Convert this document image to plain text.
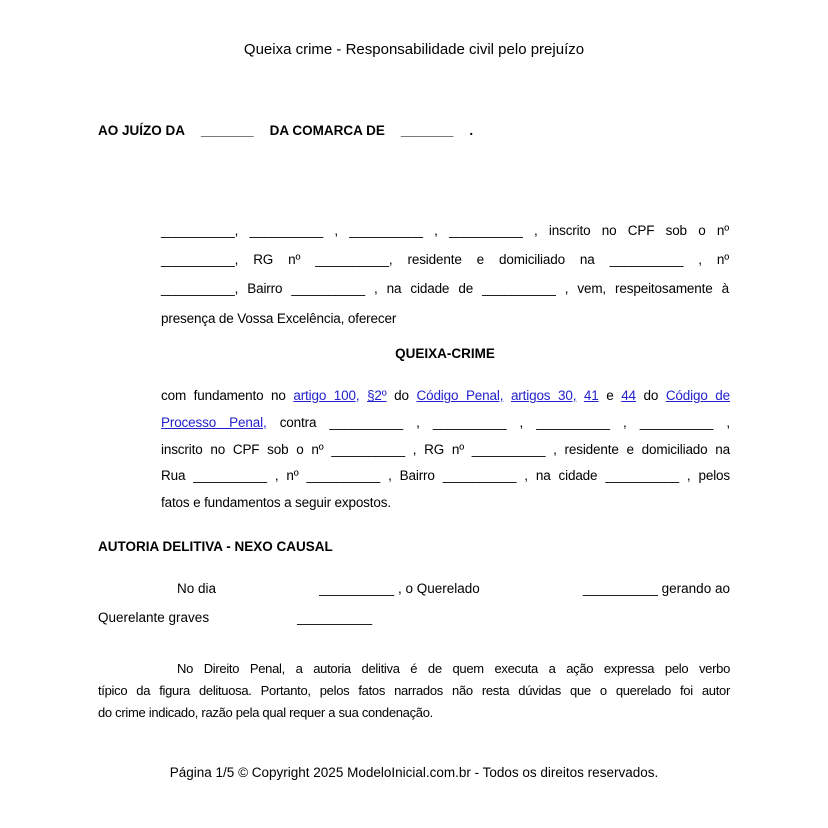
Queixa crime - Responsabilidade civil pelo prejuízo
AO JUÍZO DA _______ DA COMARCA DE _______ .
__________, __________ , __________ , __________ , inscrito no CPF sob o nº
__________, RG nº __________, residente e domiciliado na __________ , nº
__________, Bairro __________ , na cidade de __________ , vem, respeitosamente à
presença de Vossa Excelência, oferecer
QUEIXA-CRIME
com fundamento no artigo 100, §2º do Código Penal, artigos 30, 41 e 44 do Código de
Processo Penal, contra __________ , __________ , __________ , __________ ,
inscrito no CPF sob o nº __________ , RG nº __________ , residente e domiciliado na
Rua __________ , nº __________ , Bairro __________ , na cidade __________ , pelos
fatos e fundamentos a seguir expostos.
AUTORIA DELITIVA - NEXO CAUSAL
No dia	__________ , o Querelado	__________ gerando ao
Querelante graves	__________
No Direito Penal, a autoria delitiva é de quem executa a ação expressa pelo verbo
típico da figura delituosa. Portanto, pelos fatos narrados não resta dúvidas que o querelado foi autor
do crime indicado, razão pela qual requer a sua condenação.
Página 1/5 © Copyright 2025 ModeloInicial.com.br - Todos os direitos reservados.
